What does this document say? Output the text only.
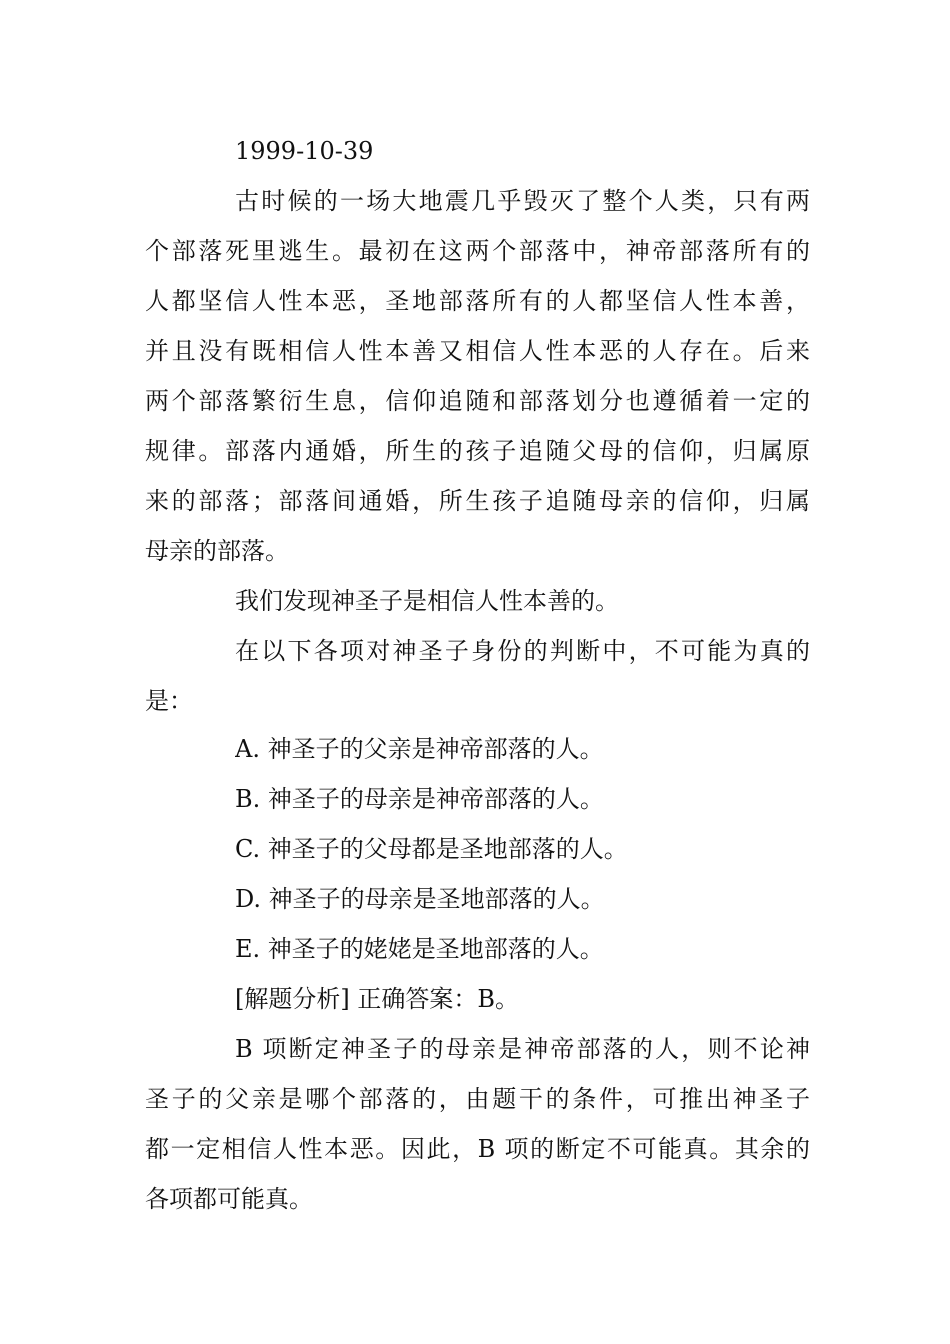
1999-10-39
古时候的一场大地震几乎毁灭了整个人类，只有两
个部落死里逃生。最初在这两个部落中，神帝部落所有的
人都坚信人性本恶，圣地部落所有的人都坚信人性本善，
并且没有既相信人性本善又相信人性本恶的人存在。后来
两个部落繁衍生息，信仰追随和部落划分也遵循着一定的
规律。部落内通婚，所生的孩子追随父母的信仰，归属原
来的部落；部落间通婚，所生孩子追随母亲的信仰，归属
母亲的部落。
我们发现神圣子是相信人性本善的。
在以下各项对神圣子身份的判断中，不可能为真的
是：
A. 神圣子的父亲是神帝部落的人。
B. 神圣子的母亲是神帝部落的人。
C. 神圣子的父母都是圣地部落的人。
D. 神圣子的母亲是圣地部落的人。
E. 神圣子的姥姥是圣地部落的人。
[解题分析] 正确答案：B。
B 项断定神圣子的母亲是神帝部落的人，则不论神
圣子的父亲是哪个部落的，由题干的条件，可推出神圣子
都一定相信人性本恶。因此，B 项的断定不可能真。其余的
各项都可能真。
